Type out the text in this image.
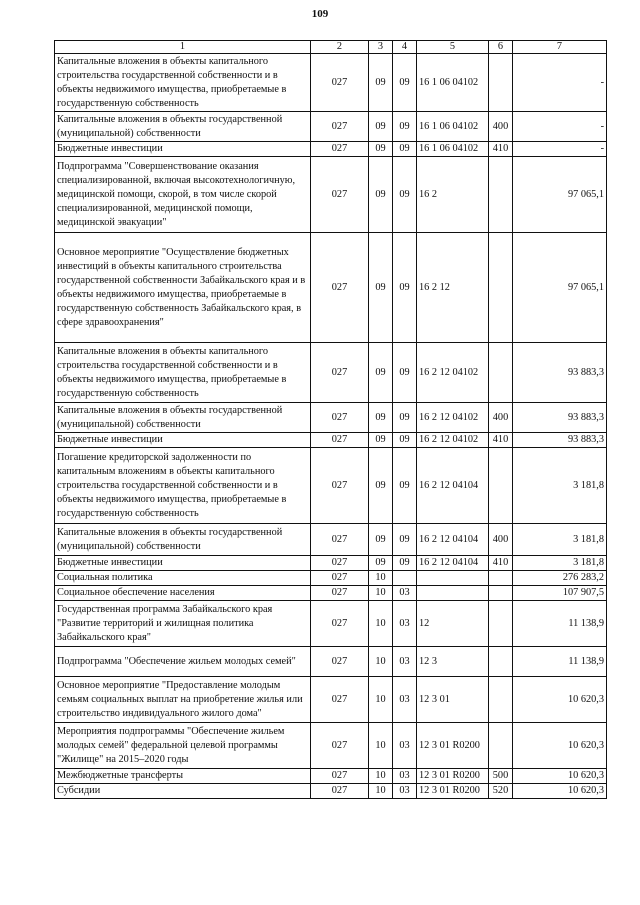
109
1	2	3	4	5	6	7
Капитальные вложения в объекты капитального строительства государственной собственности и в объекты недвижимого имущества, приобретаемые в государственную собственность	027	09	09	16 1 06 04102		-
Капитальные вложения в объекты государственной (муниципальной) собственности	027	09	09	16 1 06 04102	400	-
Бюджетные инвестиции	027	09	09	16 1 06 04102	410	-
Подпрограмма "Совершенствование оказания специализированной, включая высокотехнологичную, медицинской помощи, скорой, в том числе скорой специализированной, медицинской помощи, медицинской эвакуации"	027	09	09	16 2		97 065,1
Основное мероприятие "Осуществление бюджетных инвестиций в объекты капитального строительства государственной собственности Забайкальского края и в объекты недвижимого имущества, приобретаемые в государственную собственность Забайкальского края, в сфере здравоохранения"	027	09	09	16 2 12		97 065,1
Капитальные вложения в объекты капитального строительства государственной собственности и в объекты недвижимого имущества, приобретаемые в государственную собственность	027	09	09	16 2 12 04102		93 883,3
Капитальные вложения в объекты государственной (муниципальной) собственности	027	09	09	16 2 12 04102	400	93 883,3
Бюджетные инвестиции	027	09	09	16 2 12 04102	410	93 883,3
Погашение кредиторской задолженности по капитальным вложениям в объекты капитального строительства государственной собственности и в объекты недвижимого имущества, приобретаемые в государственную собственность	027	09	09	16 2 12 04104		3 181,8
Капитальные вложения в объекты государственной (муниципальной) собственности	027	09	09	16 2 12 04104	400	3 181,8
Бюджетные инвестиции	027	09	09	16 2 12 04104	410	3 181,8
Социальная политика	027	10				276 283,2
Социальное обеспечение населения	027	10	03			107 907,5
Государственная программа Забайкальского края "Развитие территорий и жилищная политика Забайкальского края"	027	10	03	12		11 138,9
Подпрограмма "Обеспечение жильем молодых семей"	027	10	03	12 3		11 138,9
Основное мероприятие "Предоставление молодым семьям социальных выплат на приобретение жилья или строительство индивидуального жилого дома"	027	10	03	12 3 01		10 620,3
Мероприятия подпрограммы "Обеспечение жильем молодых семей" федеральной целевой программы "Жилище" на 2015–2020 годы	027	10	03	12 3 01 R0200		10 620,3
Межбюджетные трансферты	027	10	03	12 3 01 R0200	500	10 620,3
Субсидии	027	10	03	12 3 01 R0200	520	10 620,3
